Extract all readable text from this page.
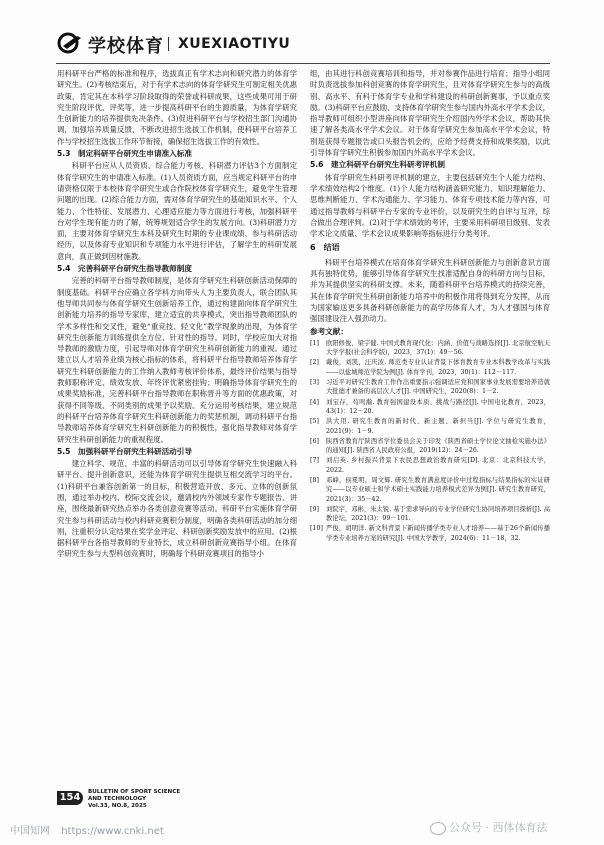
学校体育 XUEXIAOTIYU

用科研平台严格的标准和程序，选拔真正有学术志向和研究潜力的体育学研究生。(2)考核结束后，对于有学术志向的体育学研究生可制定相关优惠政策，肯定其在本科学习阶段取得的荣誉或科研成果，这些成果可用于研究生阶段评优、评奖等，进一步提高科研平台的生源质量，为体育学研究生创新能力的培养提供先决条件。(3)促进科研平台与学校招生部门沟通协调，加强培养质量反馈，不断改进招生选拔工作机制，使科研平台培养工作与学校招生选拔工作环节衔接，确保招生选拔工作的有效性。

5.3　制定科研平台研究生申请准入标准

科研平台应从人员资质、综合能力考核、科研潜力评估3个方面制定体育学研究生的申请准入标准。(1)人员资质方面，应当规定科研平台的申请资格仅限于本校体育学研究生或合作院校体育学研究生，避免学生管理问题的出现。(2)综合能力方面，需对体育学研究生的基础知识水平、个人能力、个性特征、发展潜力、心理适应能力等方面进行考核，加强科研平台对学生现有能力的了解，统筹规划适合学生的发展方向。(3)科研潜力方面，主要对体育学研究生本科及研究生时期的专业课成绩、参与科研活动经历，以及体育专业知识和专项能力水平进行评估，了解学生的科研发展意向，真正做到因材施教。

5.4　完善科研平台研究生指导教师制度

完善的科研平台指导教师制度，是体育学研究生科研创新活动保障的制度基础。科研平台应确立各学科方向带头人为主要负责人，联合团队其他导师共同参与体育学研究生创新培养工作，通过构建面向体育学研究生创新能力培养的指导专家库，建立适宜的共享模式，突出指导教师团队的学术多样性和交叉性，避免“重竞技、轻文化”教学现象的出现，为体育学研究生创新能力训练提供全方位、针对性的指导。同时，学校应加大对指导教师的激励力度，引起导师对体育学研究生科研创新能力的重视。通过建立以人才培养业绩为核心指标的体系，将科研平台指导教师培养体育学研究生科研创新能力的工作纳入教师考核评价体系，最终评价结果与指导教师职称评定、绩效发放、年终评优紧密挂钩；明确指导体育学研究生的成果奖励标准，完善科研平台指导教师在职称晋升等方面的优惠政策，对获得不同等级、不同类别的成果予以奖励。充分运用考核结果，建立规范的科研平台培养体育学研究生科研创新能力的奖惩机制，调动科研平台指导教师培养体育学研究生科研创新能力的积极性，强化指导教师对体育学研究生科研创新能力的重视程度。

5.5　加强科研平台研究生科研活动引导

建立科学、规范、丰富的科研活动可以引导体育学研究生快速融入科研平台、提升创新意识，还能为体育学研究生提供互相交流学习的平台。(1)科研平台兼容创新第一的目标，积极营造开放、多元、立体的创新氛围，通过举办校内、校际交流会议，邀请校内外领域专家作专题报告、讲座，围绕最新研究热点举办各类创意竞赛等活动。科研平台实施体育学研究生参与科研活动与校内科研竞赛积分制度，明确各类科研活动的加分细则，注重积分认定结果在奖学金评定、科研创新奖励发放中的应用。(2)根据科研平台各指导教师的专业特长，成立科研创新竞赛指导小组。在体育学研究生参与大型科创竞赛时，明确每个科研竞赛项目的指导小

组，由其进行科创竞赛培训和指导，并对参赛作品进行培育；指导小组同时负责选拔参加科创竞赛的体育学研究生，且对体育学研究生参与的高级别、高水平、有科于体育学专业和学科建设的科研创新赛事，予以重点奖励。(3)科研平台应鼓励、支持体育学研究生参与国内外高水平学术会议，指导教师可组织小型讲座向体育学研究生介绍国内外学术会议，帮助其快速了解各类高水平学术会议。对于体育学研究生参加高水平学术会议，特别是获得专题报告或口头报告机会的，应给予经费支持和成果奖励，以此引导体育学研究生积极参加国内外高水平学术会议。

5.6　建立科研平台研究生科研考评机制

体育学研究生科研考评机制的建立，主要包括研究生个人能力结构、学术绩效结构2个维度。(1)个人能力结构涵盖研究能力、知识理解能力、思维判断能力、学术沟通能力、学习能力、体育专项技术能力等内容，可通过指导教师与科研平台专家的专业评价，以及研究生的自评与互评，综合做出合理评判。(2)对于学术绩效的考评，主要采用科研项目级别、发表学术论文质量、学术会议成果影响等指标进行分类考评。

6　结语

科研平台培养模式在培育体育学研究生科研创新能力与创新意识方面具有独特优势，能够引导体育学研究生找准适配自身的科研方向与目标，并为其提供坚实的科研支撑。未来，随着科研平台培养模式的持续完善，其在体育学研究生科研创新能力培养中的积极作用将得到充分发挥，从而为国家输送更多具备科研创新能力的高学历体育人才，为人才强国与体育强国建设注入强劲动力。

参考文献：
[1]	欧阳修俊，梁宇健. 中国式教育现代化：内涵、价值与战略选择[J]. 北京航空航天大学学报(社会科学版)，2023，37(1)：49－56.
[2]	戴俊，刘凯，汪庆波. 师范类专业认证背景下体育教育专业本科教学改革与实践——以盐城师范学院为例[J]. 体育学刊，2023，30(1)：112－117.
[3]	习近平对研究生教育工作作出重要指示强调适应党和国家事业发展需要培养造就大批德才兼备的高层次人才[J]. 中国研究生，2020(8)：1－2.
[4]	刘宝存，苟鸣瀚. 教育强国建设本质、挑战与路径[J]. 中国电化教育，2023，43(1)：12－20.
[5]	洪大用. 研究生教育的新时代、新主题、新担当[J]. 学位与研究生教育，2021(9)：1－9.
[6]	陕西省教育厅陕西省学位委员会关于印发《陕西省硕士学位论文抽检实施办法》的通知[J]. 陕西省人民政府公报，2019(12)：24－26.
[7]	刘启英. 乡村振兴背景下农民思想政治教育研究[D]. 北京：北京科技大学，2022.
[8]	邓峰，侯冕明，周文辉. 研究生教育满意度评价中过程指标与结果指标的实证研究——以专业硕士和学术硕士实践能力培养模式差异为例[J]. 研究生教育研究，2021(3)：35－42.
[9]	刘院宇，邓彬，朱太锐. 基于需求导向的专业学位研究生协同培养项目探析[J]. 高教论坛，2021(3)：99－101.
[10] 严俊，胡明洋. 新文科背景下新闻传播学类专业人才培养——基于26个新闻传播学类专业培养方案的研究[J]. 中国大学教学，2024(6)：11－18，32.
154	BULLETIN OF SPORT SCIENCE
AND TECHNOLOGY
Vol.33, NO.8, 2025
中国知网 https://www.cnki.net	公众号 · 西体体育法
